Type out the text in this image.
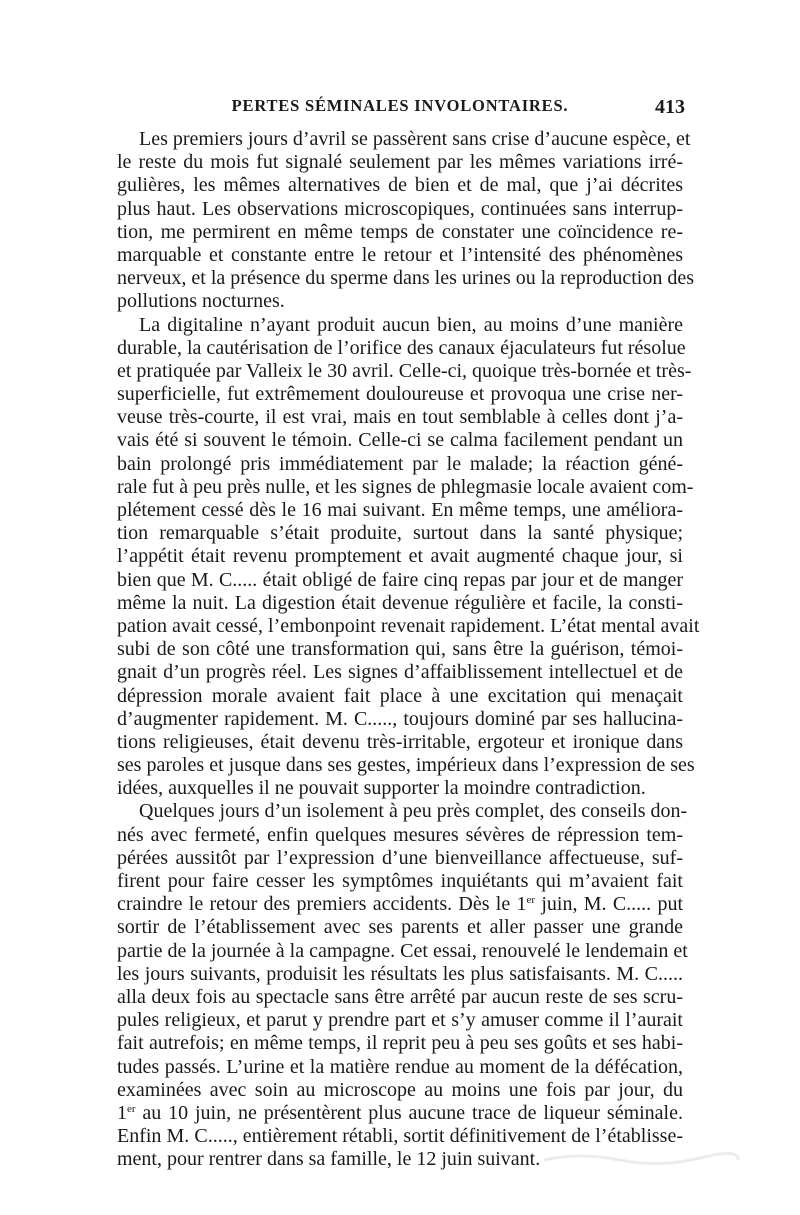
PERTES SÉMINALES INVOLONTAIRES.	413
Les premiers jours d’avril se passèrent sans crise d’aucune espèce, et
le reste du mois fut signalé seulement par les mêmes variations irré-
gulières, les mêmes alternatives de bien et de mal, que j’ai décrites
plus haut. Les observations microscopiques, continuées sans interrup-
tion, me permirent en même temps de constater une coïncidence re-
marquable et constante entre le retour et l’intensité des phénomènes
nerveux, et la présence du sperme dans les urines ou la reproduction des
pollutions nocturnes.
La digitaline n’ayant produit aucun bien, au moins d’une manière
durable, la cautérisation de l’orifice des canaux éjaculateurs fut résolue
et pratiquée par Valleix le 30 avril. Celle-ci, quoique très-bornée et très-
superficielle, fut extrêmement douloureuse et provoqua une crise ner-
veuse très-courte, il est vrai, mais en tout semblable à celles dont j’a-
vais été si souvent le témoin. Celle-ci se calma facilement pendant un
bain prolongé pris immédiatement par le malade; la réaction géné-
rale fut à peu près nulle, et les signes de phlegmasie locale avaient com-
plétement cessé dès le 16 mai suivant. En même temps, une améliora-
tion remarquable s’était produite, surtout dans la santé physique;
l’appétit était revenu promptement et avait augmenté chaque jour, si
bien que M. C..... était obligé de faire cinq repas par jour et de manger
même la nuit. La digestion était devenue régulière et facile, la consti-
pation avait cessé, l’embonpoint revenait rapidement. L’état mental avait
subi de son côté une transformation qui, sans être la guérison, témoi-
gnait d’un progrès réel. Les signes d’affaiblissement intellectuel et de
dépression morale avaient fait place à une excitation qui menaçait
d’augmenter rapidement. M. C....., toujours dominé par ses hallucina-
tions religieuses, était devenu très-irritable, ergoteur et ironique dans
ses paroles et jusque dans ses gestes, impérieux dans l’expression de ses
idées, auxquelles il ne pouvait supporter la moindre contradiction.
Quelques jours d’un isolement à peu près complet, des conseils don-
nés avec fermeté, enfin quelques mesures sévères de répression tem-
pérées aussitôt par l’expression d’une bienveillance affectueuse, suf-
firent pour faire cesser les symptômes inquiétants qui m’avaient fait
craindre le retour des premiers accidents. Dès le 1er juin, M. C..... put
sortir de l’établissement avec ses parents et aller passer une grande
partie de la journée à la campagne. Cet essai, renouvelé le lendemain et
les jours suivants, produisit les résultats les plus satisfaisants. M. C.....
alla deux fois au spectacle sans être arrêté par aucun reste de ses scru-
pules religieux, et parut y prendre part et s’y amuser comme il l’aurait
fait autrefois; en même temps, il reprit peu à peu ses goûts et ses habi-
tudes passés. L’urine et la matière rendue au moment de la défécation,
examinées avec soin au microscope au moins une fois par jour, du
1er au 10 juin, ne présentèrent plus aucune trace de liqueur séminale.
Enfin M. C....., entièrement rétabli, sortit définitivement de l’établisse-
ment, pour rentrer dans sa famille, le 12 juin suivant.
